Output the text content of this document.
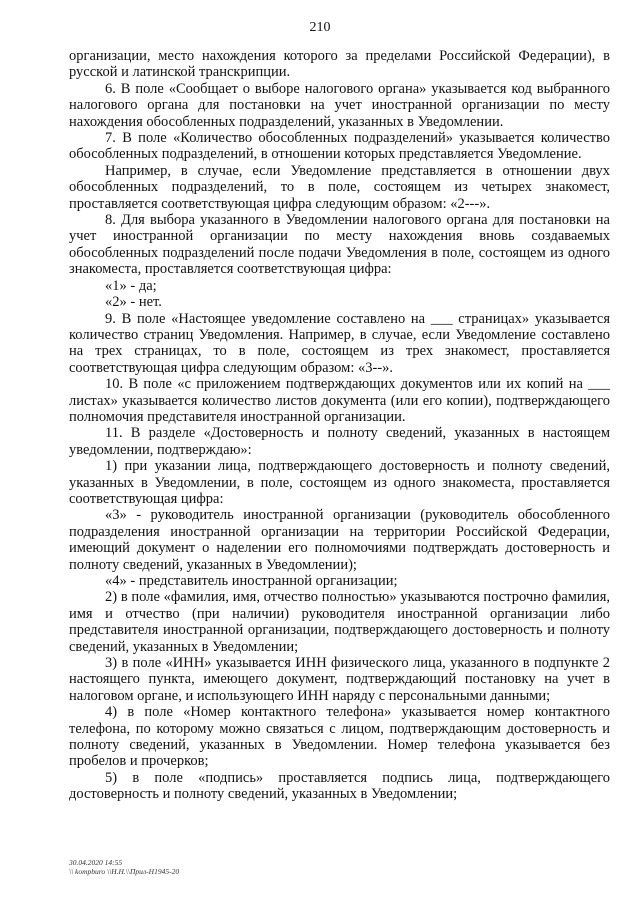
210

организации, место нахождения которого за пределами Российской Федерации), в русской и латинской транскрипции.

6. В поле «Сообщает о выборе налогового органа» указывается код выбранного налогового органа для постановки на учет иностранной организации по месту нахождения обособленных подразделений, указанных в Уведомлении.

7. В поле «Количество обособленных подразделений» указывается количество обособленных подразделений, в отношении которых представляется Уведомление.

Например, в случае, если Уведомление представляется в отношении двух обособленных подразделений, то в поле, состоящем из четырех знакомест, проставляется соответствующая цифра следующим образом: «2---».

8. Для выбора указанного в Уведомлении налогового органа для постановки на учет иностранной организации по месту нахождения вновь создаваемых обособленных подразделений после подачи Уведомления в поле, состоящем из одного знакоместа, проставляется соответствующая цифра:

«1» - да;

«2» - нет.

9. В поле «Настоящее уведомление составлено на ___ страницах» указывается количество страниц Уведомления. Например, в случае, если Уведомление составлено на трех страницах, то в поле, состоящем из трех знакомест, проставляется соответствующая цифра следующим образом: «3--».

10. В поле «с приложением подтверждающих документов или их копий на ___ листах» указывается количество листов документа (или его копии), подтверждающего полномочия представителя иностранной организации.

11. В разделе «Достоверность и полноту сведений, указанных в настоящем уведомлении, подтверждаю»:

1) при указании лица, подтверждающего достоверность и полноту сведений, указанных в Уведомлении, в поле, состоящем из одного знакоместа, проставляется соответствующая цифра:

«3» - руководитель иностранной организации (руководитель обособленного подразделения иностранной организации на территории Российской Федерации, имеющий документ о наделении его полномочиями подтверждать достоверность и полноту сведений, указанных в Уведомлении);

«4» - представитель иностранной организации;

2) в поле «фамилия, имя, отчество полностью» указываются построчно фамилия, имя и отчество (при наличии) руководителя иностранной организации либо представителя иностранной организации, подтверждающего достоверность и полноту сведений, указанных в Уведомлении;

3) в поле «ИНН» указывается ИНН физического лица, указанного в подпункте 2 настоящего пункта, имеющего документ, подтверждающий постановку на учет в налоговом органе, и использующего ИНН наряду с персональными данными;

4) в поле «Номер контактного телефона» указывается номер контактного телефона, по которому можно связаться с лицом, подтверждающим достоверность и полноту сведений, указанных в Уведомлении. Номер телефона указывается без пробелов и прочерков;

5) в поле «подпись» проставляется подпись лица, подтверждающего достоверность и полноту сведений, указанных в Уведомлении;

30.04.2020 14:55
\\ kompburo \\Н.Н.\\Прил-Н1945-20
